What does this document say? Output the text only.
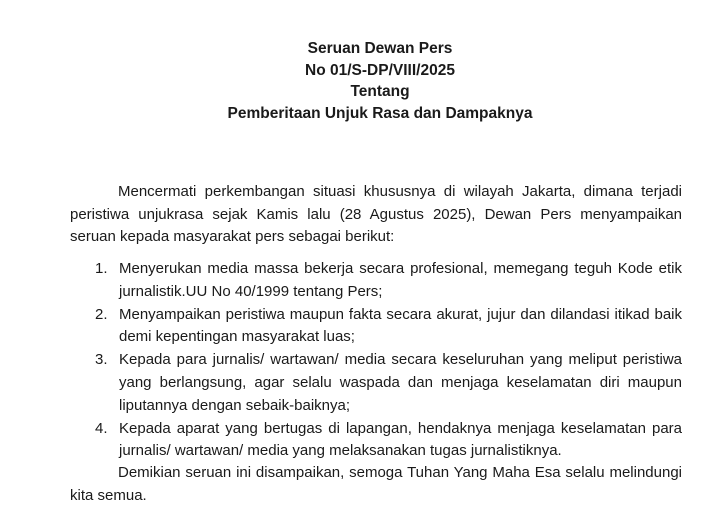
Seruan Dewan Pers
No 01/S-DP/VIII/2025
Tentang
Pemberitaan Unjuk Rasa dan Dampaknya

Mencermati perkembangan situasi khususnya di wilayah Jakarta, dimana terjadi peristiwa unjukrasa sejak Kamis lalu (28 Agustus 2025), Dewan Pers menyampaikan seruan kepada masyarakat pers sebagai berikut:

1. Menyerukan media massa bekerja secara profesional, memegang teguh Kode etik jurnalistik.UU No 40/1999 tentang Pers;
2. Menyampaikan peristiwa maupun fakta secara akurat, jujur dan dilandasi itikad baik demi kepentingan masyarakat luas;
3. Kepada para jurnalis/ wartawan/ media secara keseluruhan yang meliput peristiwa yang berlangsung, agar selalu waspada dan menjaga keselamatan diri maupun liputannya dengan sebaik-baiknya;
4. Kepada aparat yang bertugas di lapangan, hendaknya menjaga keselamatan para jurnalis/ wartawan/ media yang melaksanakan tugas jurnalistiknya.

Demikian seruan ini disampaikan, semoga Tuhan Yang Maha Esa selalu melindungi kita semua.
